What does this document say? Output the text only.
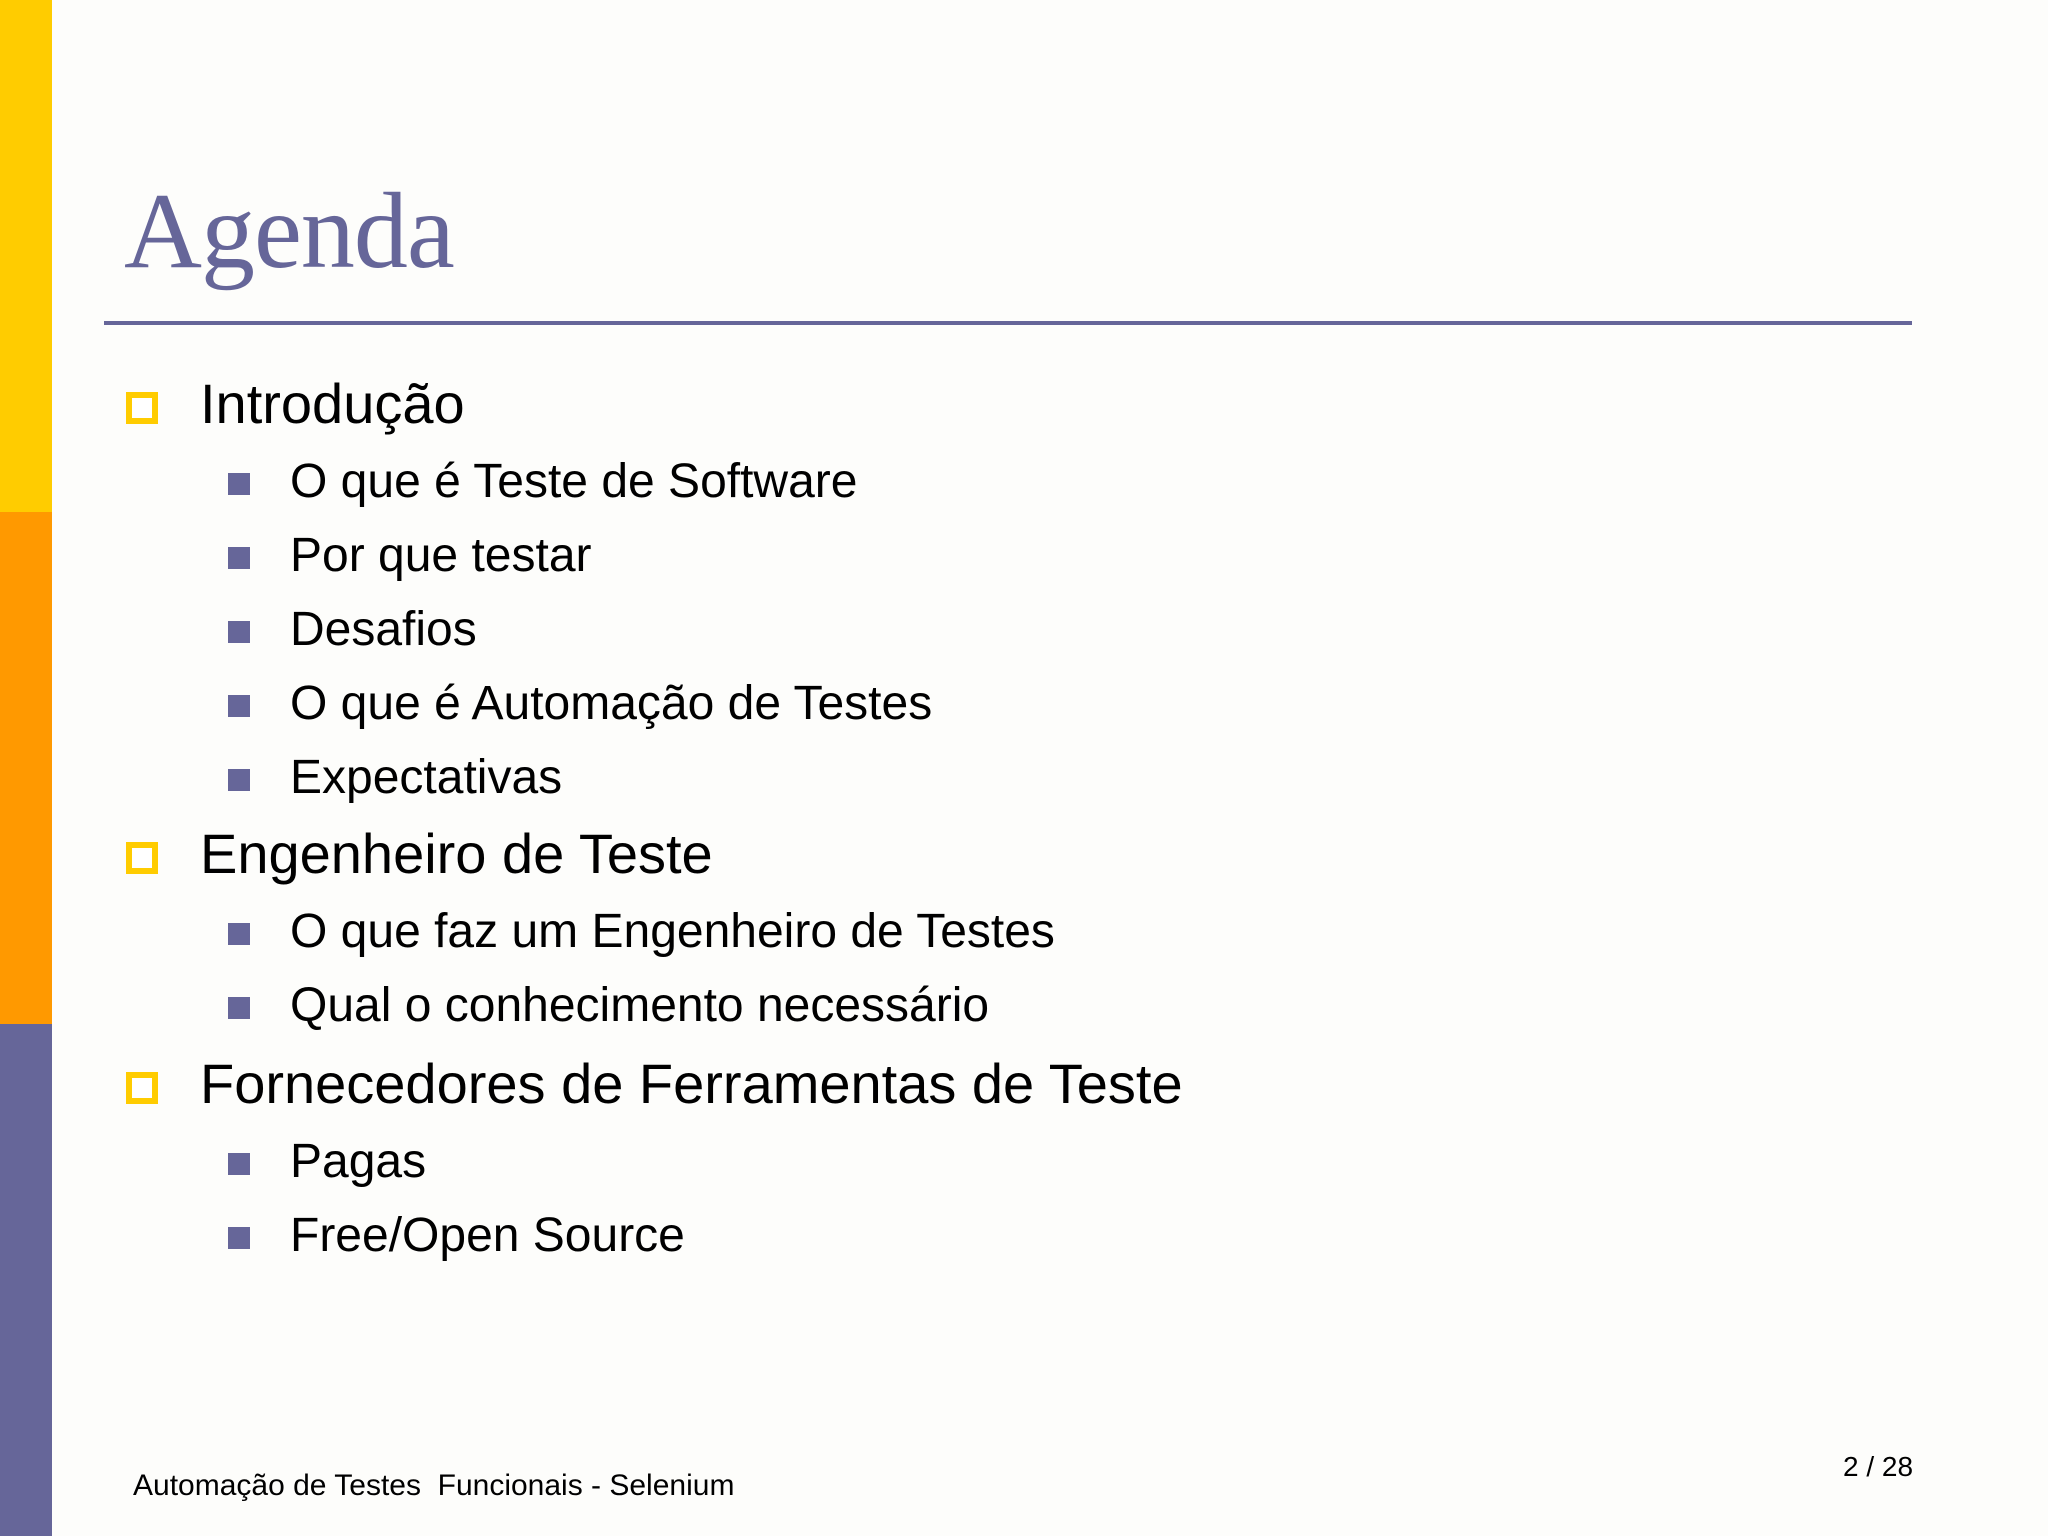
Agenda
Introdução
O que é Teste de Software
Por que testar
Desafios
O que é Automação de Testes
Expectativas
Engenheiro de Teste
O que faz um Engenheiro de Testes
Qual o conhecimento necessário
Fornecedores de Ferramentas de Teste
Pagas
Free/Open Source
Automação de Testes  Funcionais - Selenium
2 / 28
